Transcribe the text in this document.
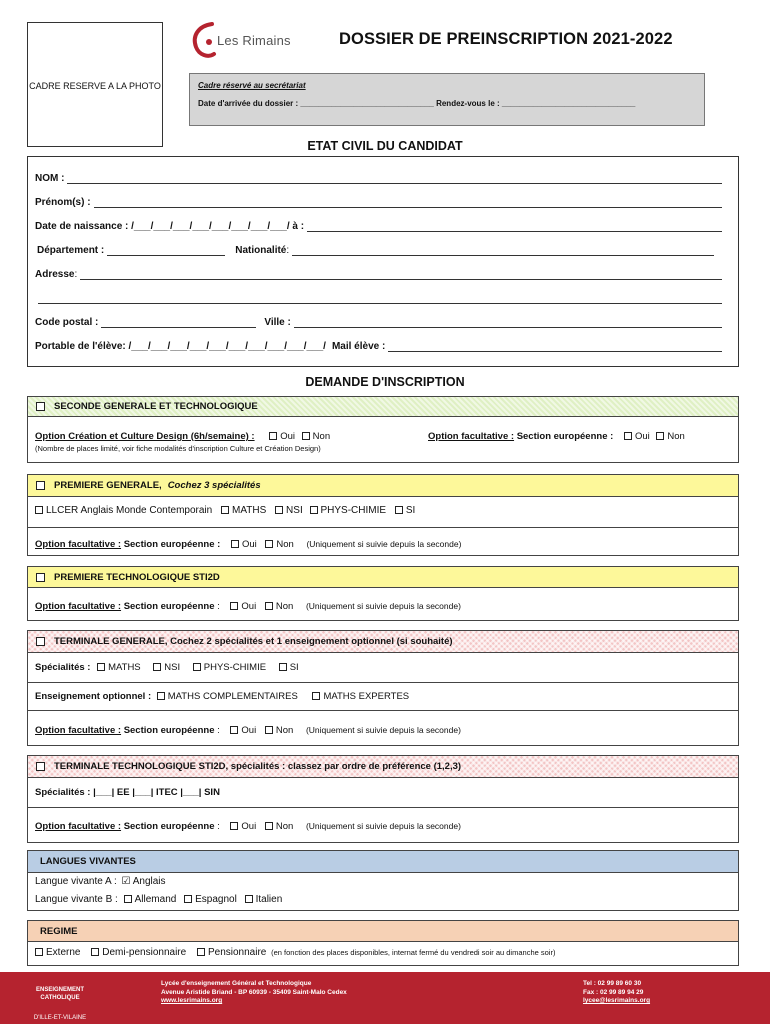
CADRE RESERVE A LA PHOTO
Les Rimains	DOSSIER DE PREINSCRIPTION 2021-2022
Cadre réservé au secrétariat
Date d'arrivée du dossier : ______________________________ Rendez-vous le : ______________________________
ETAT CIVIL DU CANDIDAT
NOM :
Prénom(s) :
Date de naissance : /___/___/___/___/___/___/___/___/ à :
Département :	Nationalité :
Adresse :
Code postal :	Ville :
Portable de l'élève: /___/___/___/___/___/___/___/___/___/___/ Mail élève :
DEMANDE D'INSCRIPTION
SECONDE GENERALE ET TECHNOLOGIQUE
Option Création et Culture Design (6h/semaine) :	Oui Non	Option facultative : Section européenne : Oui Non
(Nombre de places limité, voir fiche modalités d'inscription Culture et Création Design)
PREMIERE GENERALE, Cochez 3 spécialités
LLCER Anglais Monde Contemporain MATHS NSI PHYS-CHIMIE SI
Option facultative : Section européenne : Oui Non (Uniquement si suivie depuis la seconde)
PREMIERE TECHNOLOGIQUE STI2D
Option facultative : Section européenne : Oui Non (Uniquement si suivie depuis la seconde)
TERMINALE GENERALE, Cochez 2 spécialités et 1 enseignement optionnel (si souhaité)
Spécialités : MATHS NSI PHYS-CHIMIE SI
Enseignement optionnel : MATHS COMPLEMENTAIRES	MATHS EXPERTES
Option facultative : Section européenne : Oui Non (Uniquement si suivie depuis la seconde)
TERMINALE TECHNOLOGIQUE STI2D, spécialités : classez par ordre de préférence (1,2,3)
Spécialités : |___| EE |___| ITEC |___| SIN
Option facultative : Section européenne : Oui Non (Uniquement si suivie depuis la seconde)
LANGUES VIVANTES
Langue vivante A : ☑ Anglais
Langue vivante B : Allemand Espagnol Italien
REGIME
Externe Demi-pensionnaire Pensionnaire (en fonction des places disponibles, internat fermé du vendredi soir au dimanche soir)
ENSEIGNEMENT CATHOLIQUE
D'ILLE-ET-VILAINE
Lycée d'enseignement Général et Technologique
Avenue Aristide Briand - BP 60939 - 35409 Saint-Malo Cedex
www.lesrimains.org
Tel : 02 99 89 60 30
Fax : 02 99 89 94 29
lycee@lesrimains.org
